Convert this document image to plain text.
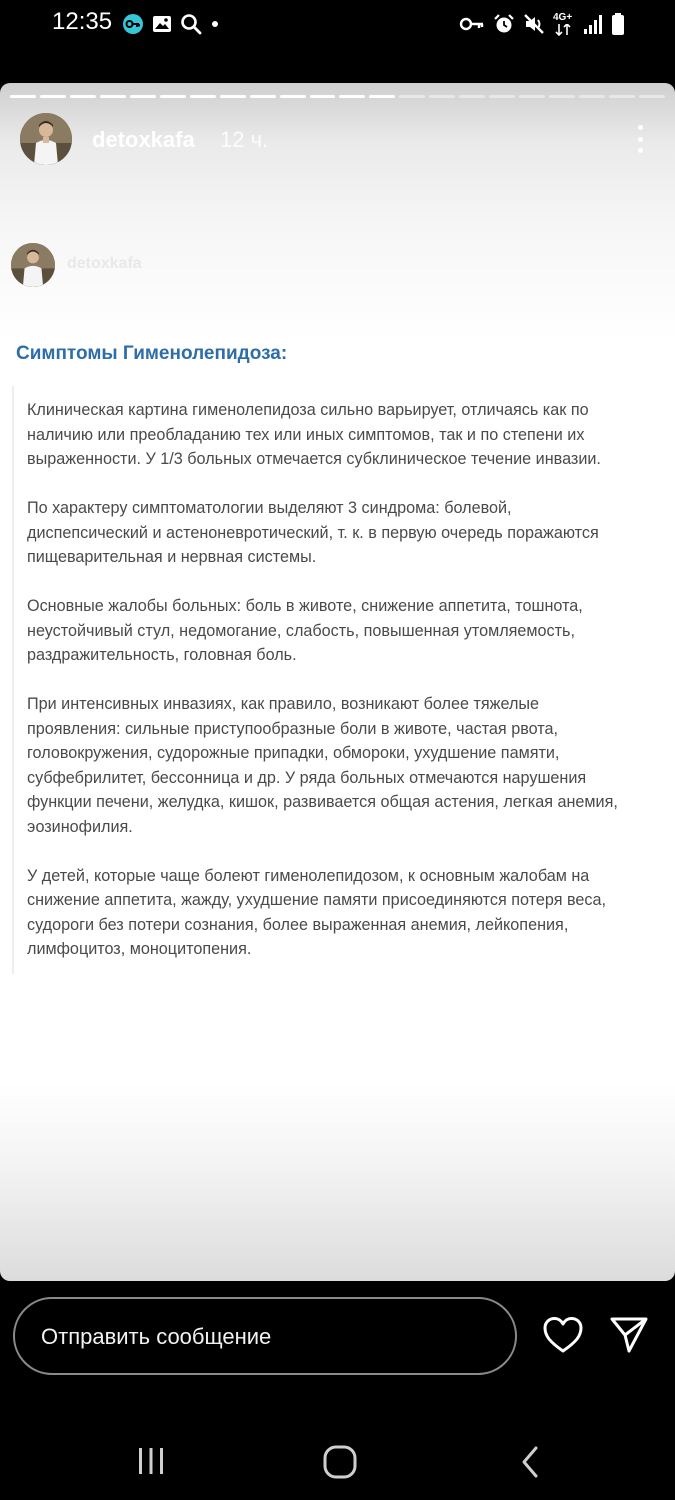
12:35	4G+
detoxkafa 12 ч.
detoxkafa
Симптомы Гименолепидоза:

Клиническая картина гименолепидоза сильно варьирует, отличаясь как по
наличию или преобладанию тех или иных симптомов, так и по степени их
выраженности. У 1/3 больных отмечается субклиническое течение инвазии.

По характеру симптоматологии выделяют 3 синдрома: болевой,
диспепсический и астеноневротический, т. к. в первую очередь поражаются
пищеварительная и нервная системы.

Основные жалобы больных: боль в животе, снижение аппетита, тошнота,
неустойчивый стул, недомогание, слабость, повышенная утомляемость,
раздражительность, головная боль.

При интенсивных инвазиях, как правило, возникают более тяжелые
проявления: сильные приступообразные боли в животе, частая рвота,
головокружения, судорожные припадки, обмороки, ухудшение памяти,
субфебрилитет, бессонница и др. У ряда больных отмечаются нарушения
функции печени, желудка, кишок, развивается общая астения, легкая анемия,
эозинофилия.

У детей, которые чаще болеют гименолепидозом, к основным жалобам на
снижение аппетита, жажду, ухудшение памяти присоединяются потеря веса,
судороги без потери сознания, более выраженная анемия, лейкопения,
лимфоцитоз, моноцитопения.

Отправить сообщение
